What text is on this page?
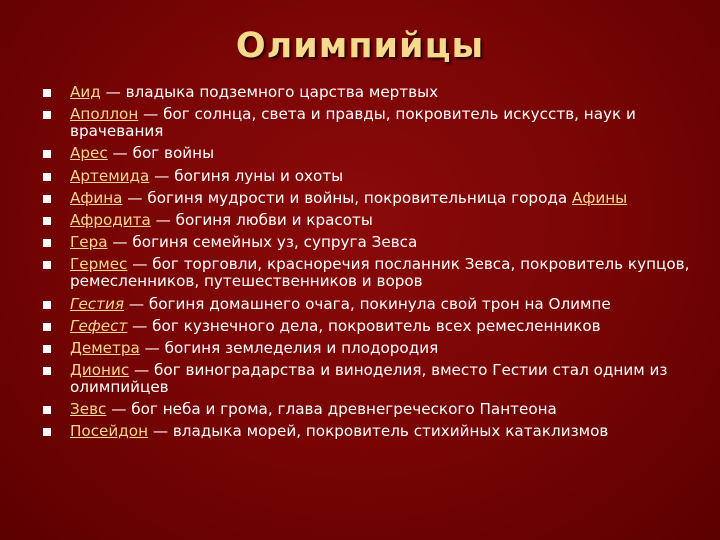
Олимпийцы
Аид — владыка подземного царства мертвых
Аполлон — бог солнца, света и правды, покровитель искусств, наук и врачевания
Арес — бог войны
Артемида — богиня луны и охоты
Афина — богиня мудрости и войны, покровительница города Афины
Афродита — богиня любви и красоты
Гера — богиня семейных уз, супруга Зевса
Гермес — бог торговли, красноречия посланник Зевса, покровитель купцов, ремесленников, путешественников и воров
Гестия — богиня домашнего очага, покинула свой трон на Олимпе
Гефест — бог кузнечного дела, покровитель всех ремесленников
Деметра — богиня земледелия и плодородия
Дионис — бог виноградарства и виноделия, вместо Гестии стал одним из олимпийцев
Зевс — бог неба и грома, глава древнегреческого Пантеона
Посейдон — владыка морей, покровитель стихийных катаклизмов
